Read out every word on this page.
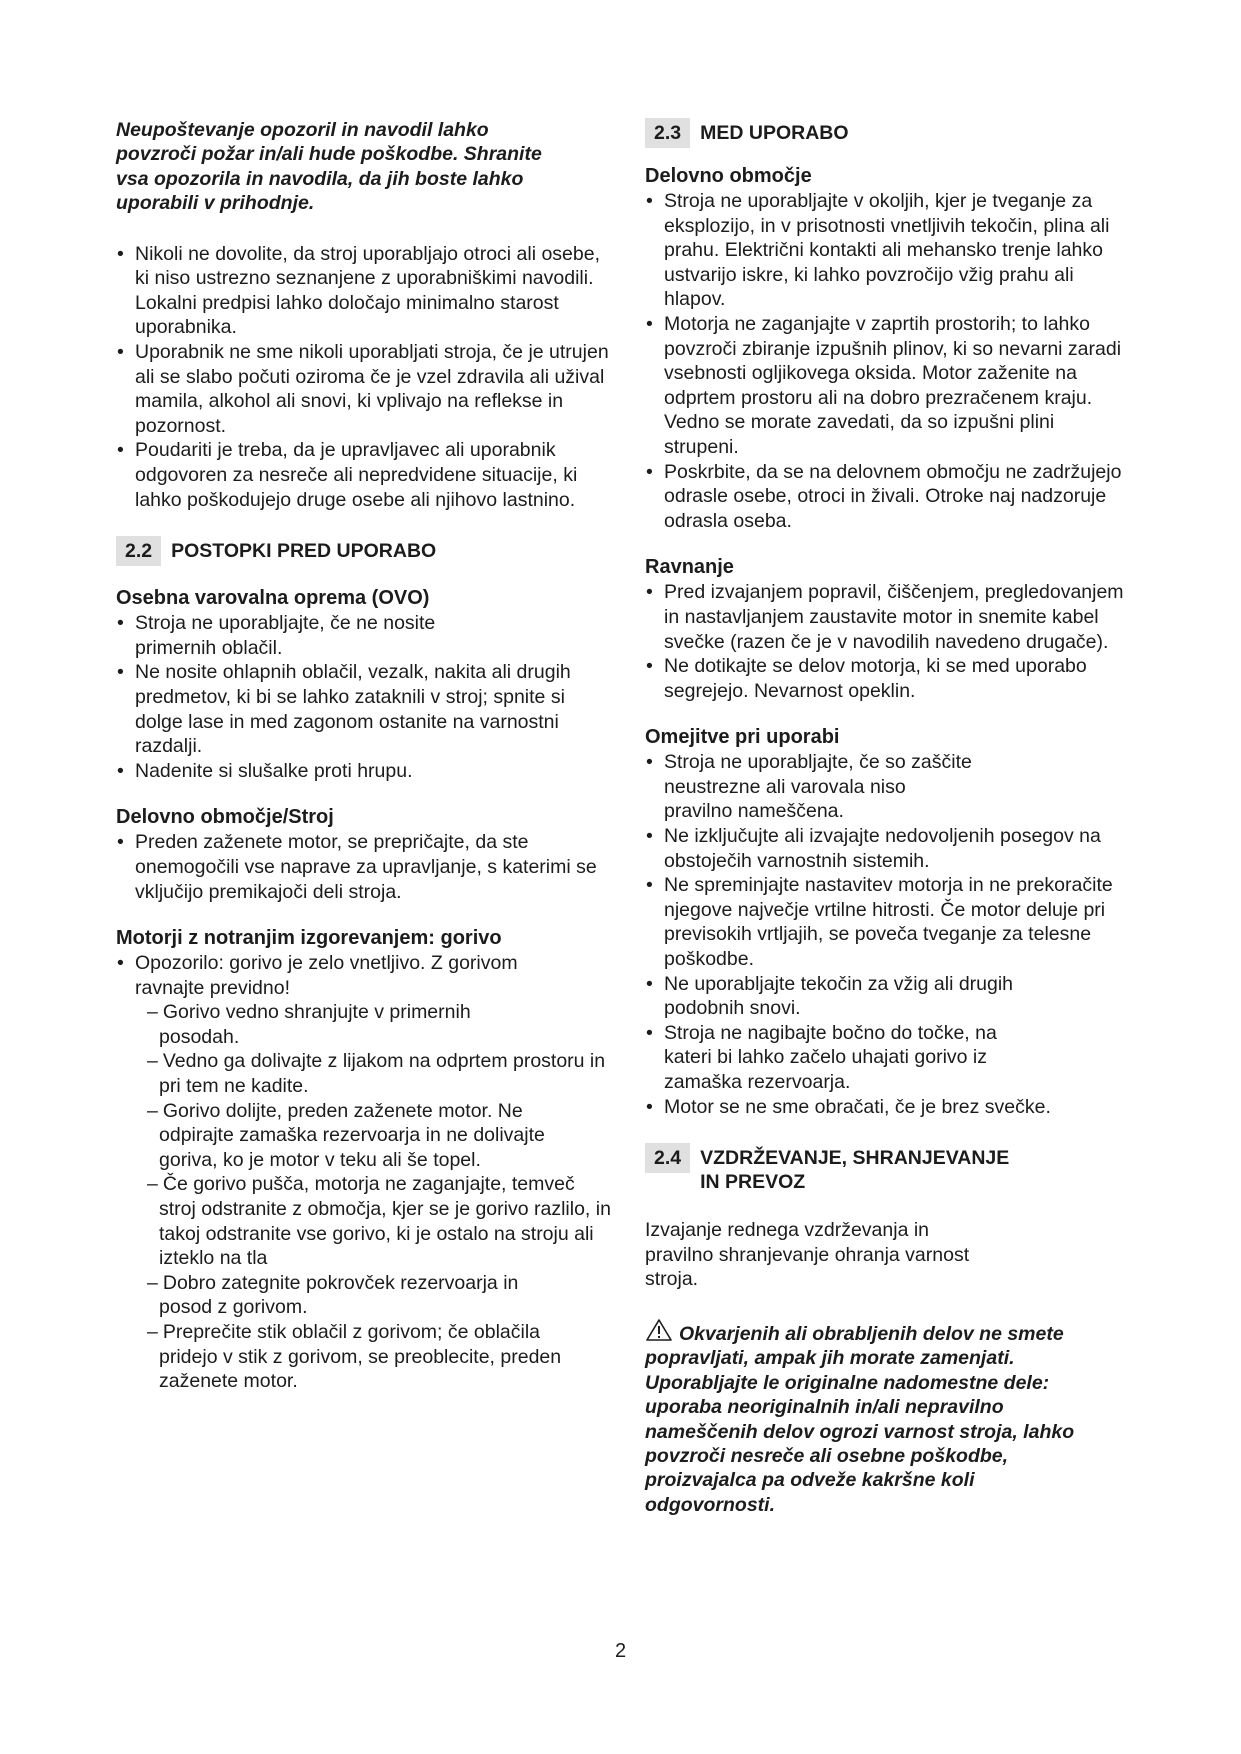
Neupoštevanje opozoril in navodil lahko povzroči požar in/ali hude poškodbe. Shranite vsa opozorila in navodila, da jih boste lahko uporabili v prihodnje.
• Nikoli ne dovolite, da stroj uporabljajo otroci ali osebe, ki niso ustrezno seznanjene z uporabniškimi navodili. Lokalni predpisi lahko določajo minimalno starost uporabnika.
• Uporabnik ne sme nikoli uporabljati stroja, če je utrujen ali se slabo počuti oziroma če je vzel zdravila ali užival mamila, alkohol ali snovi, ki vplivajo na reflekse in pozornost.
• Poudariti je treba, da je upravljavec ali uporabnik odgovoren za nesreče ali nepredvidene situacije, ki lahko poškodujejo druge osebe ali njihovo lastnino.
2.2 POSTOPKI PRED UPORABO
Osebna varovalna oprema (OVO)
• Stroja ne uporabljajte, če ne nosite primernih oblačil.
• Ne nosite ohlapnih oblačil, vezalk, nakita ali drugih predmetov, ki bi se lahko zataknili v stroj; spnite si dolge lase in med zagonom ostanite na varnostni razdalji.
• Nadenite si slušalke proti hrupu.
Delovno območje/Stroj
• Preden zaženete motor, se prepričajte, da ste onemogočili vse naprave za upravljanje, s katerimi se vključijo premikajoči deli stroja.
Motorji z notranjim izgorevanjem: gorivo
• Opozorilo: gorivo je zelo vnetljivo. Z gorivom ravnajte previdno!
– Gorivo vedno shranjujte v primernih posodah.
– Vedno ga dolivajte z lijakom na odprtem prostoru in pri tem ne kadite.
– Gorivo dolijte, preden zaženete motor. Ne odpirajte zamaška rezervoarja in ne dolivajte goriva, ko je motor v teku ali še topel.
– Če gorivo pušča, motorja ne zaganjajte, temveč stroj odstranite z območja, kjer se je gorivo razlilo, in takoj odstranite vse gorivo, ki je ostalo na stroju ali izteklo na tla
– Dobro zategnite pokrovček rezervoarja in posod z gorivom.
– Preprečite stik oblačil z gorivom; če oblačila pridejo v stik z gorivom, se preoblecite, preden zaženete motor.
2.3 MED UPORABO
Delovno območje
• Stroja ne uporabljajte v okoljih, kjer je tveganje za eksplozijo, in v prisotnosti vnetljivih tekočin, plina ali prahu. Električni kontakti ali mehansko trenje lahko ustvarijo iskre, ki lahko povzročijo vžig prahu ali hlapov.
• Motorja ne zaganjajte v zaprtih prostorih; to lahko povzroči zbiranje izpušnih plinov, ki so nevarni zaradi vsebnosti ogljikovega oksida. Motor zaženite na odprtem prostoru ali na dobro prezračenem kraju. Vedno se morate zavedati, da so izpušni plini strupeni.
• Poskrbite, da se na delovnem območju ne zadržujejo odrasle osebe, otroci in živali. Otroke naj nadzoruje odrasla oseba.
Ravnanje
• Pred izvajanjem popravil, čiščenjem, pregledovanjem in nastavljanjem zaustavite motor in snemite kabel svečke (razen če je v navodilih navedeno drugače).
• Ne dotikajte se delov motorja, ki se med uporabo segrejejo. Nevarnost opeklin.
Omejitve pri uporabi
• Stroja ne uporabljajte, če so zaščite neustrezne ali varovala niso pravilno nameščena.
• Ne izključujte ali izvajajte nedovoljenih posegov na obstoječih varnostnih sistemih.
• Ne spreminjajte nastavitev motorja in ne prekoračite njegove največje vrtilne hitrosti. Če motor deluje pri previsokih vrtljajih, se poveča tveganje za telesne poškodbe.
• Ne uporabljajte tekočin za vžig ali drugih podobnih snovi.
• Stroja ne nagibajte bočno do točke, na kateri bi lahko začelo uhajati gorivo iz zamaška rezervoarja.
• Motor se ne sme obračati, če je brez svečke.
2.4 VZDRŽEVANJE, SHRANJEVANJE
IN PREVOZ
Izvajanje rednega vzdrževanja in pravilno shranjevanje ohranja varnost stroja.
Okvarjenih ali obrabljenih delov ne smete popravljati, ampak jih morate zamenjati. Uporabljajte le originalne nadomestne dele: uporaba neoriginalnih in/ali nepravilno nameščenih delov ogrozi varnost stroja, lahko povzroči nesreče ali osebne poškodbe, proizvajalca pa odveže kakršne koli odgovornosti.
2
